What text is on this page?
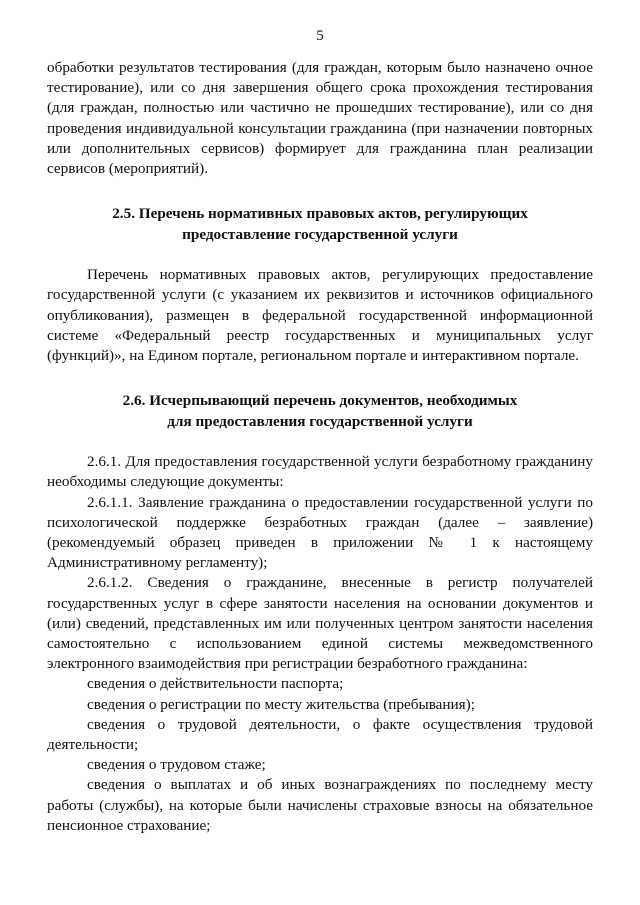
5

обработки результатов тестирования (для граждан, которым было назначено очное тестирование), или со дня завершения общего срока прохождения тестирования (для граждан, полностью или частично не прошедших тестирование), или со дня проведения индивидуальной консультации гражданина (при назначении повторных или дополнительных сервисов) формирует для гражданина план реализации сервисов (мероприятий).

2.5. Перечень нормативных правовых актов, регулирующих
предоставление государственной услуги

Перечень нормативных правовых актов, регулирующих предоставление государственной услуги (с указанием их реквизитов и источников официального опубликования), размещен в федеральной государственной информационной системе «Федеральный реестр государственных и муниципальных услуг (функций)», на Едином портале, региональном портале и интерактивном портале.

2.6. Исчерпывающий перечень документов, необходимых
для предоставления государственной услуги

2.6.1. Для предоставления государственной услуги безработному гражданину необходимы следующие документы:

2.6.1.1. Заявление гражданина о предоставлении государственной услуги по психологической поддержке безработных граждан (далее – заявление) (рекомендуемый образец приведен в приложении № 1 к настоящему Административному регламенту);

2.6.1.2. Сведения о гражданине, внесенные в регистр получателей государственных услуг в сфере занятости населения на основании документов и (или) сведений, представленных им или полученных центром занятости населения самостоятельно с использованием единой системы межведомственного электронного взаимодействия при регистрации безработного гражданина:

сведения о действительности паспорта;

сведения о регистрации по месту жительства (пребывания);

сведения о трудовой деятельности, о факте осуществления трудовой деятельности;

сведения о трудовом стаже;

сведения о выплатах и об иных вознаграждениях по последнему месту работы (службы), на которые были начислены страховые взносы на обязательное пенсионное страхование;
